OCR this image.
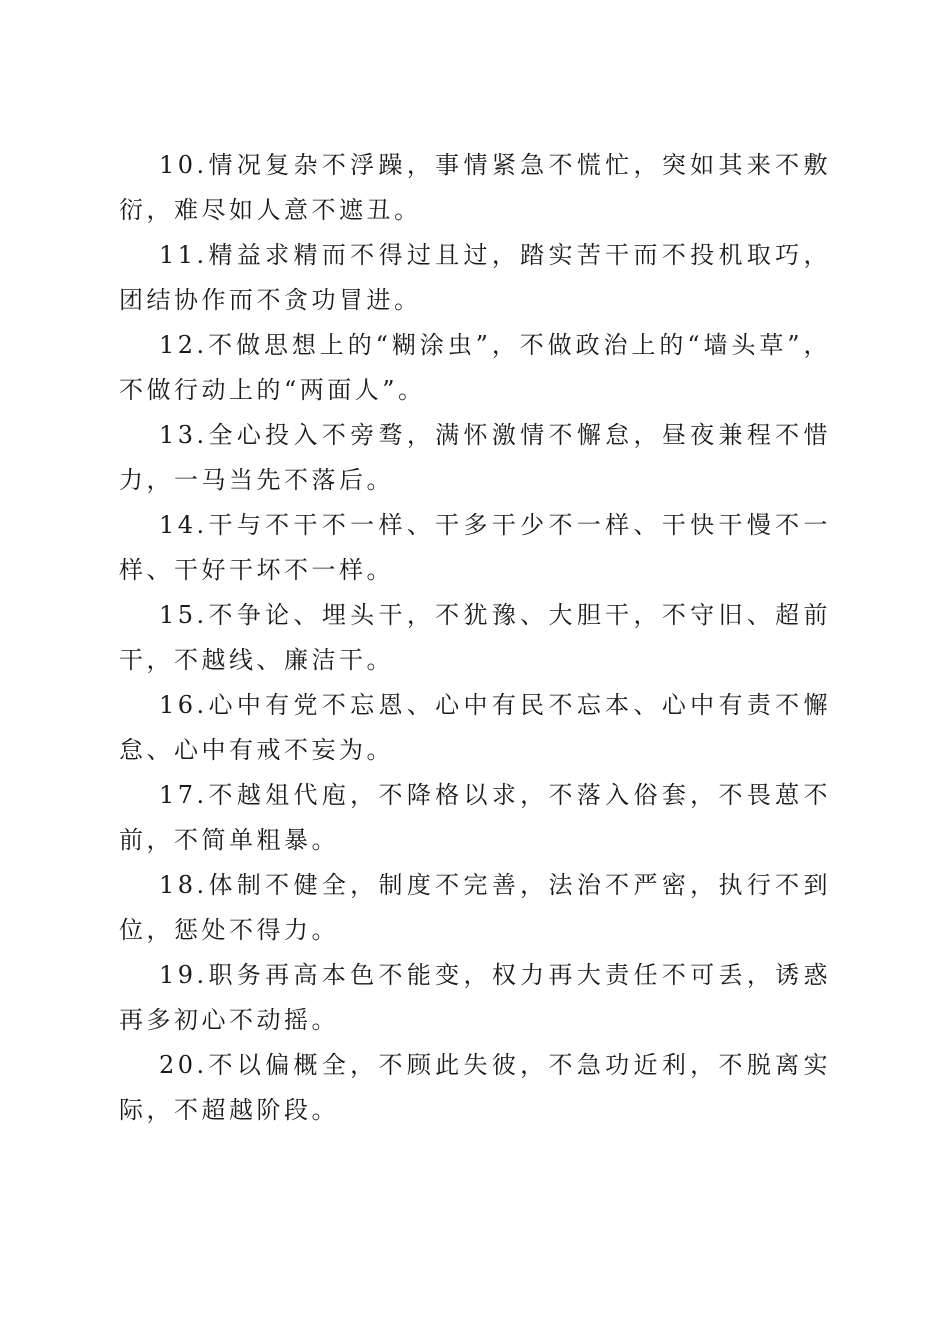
10.情况复杂不浮躁，事情紧急不慌忙，突如其来不敷衍，难尽如人意不遮丑。

11.精益求精而不得过且过，踏实苦干而不投机取巧，团结协作而不贪功冒进。

12.不做思想上的“糊涂虫”，不做政治上的“墙头草”，不做行动上的“两面人”。

13.全心投入不旁骛，满怀激情不懈怠，昼夜兼程不惜力，一马当先不落后。

14.干与不干不一样、干多干少不一样、干快干慢不一样、干好干坏不一样。

15.不争论、埋头干，不犹豫、大胆干，不守旧、超前干，不越线、廉洁干。

16.心中有党不忘恩、心中有民不忘本、心中有责不懈怠、心中有戒不妄为。

17.不越俎代庖，不降格以求，不落入俗套，不畏葸不前，不简单粗暴。

18.体制不健全，制度不完善，法治不严密，执行不到位，惩处不得力。

19.职务再高本色不能变，权力再大责任不可丢，诱惑再多初心不动摇。

20.不以偏概全，不顾此失彼，不急功近利，不脱离实际，不超越阶段。
